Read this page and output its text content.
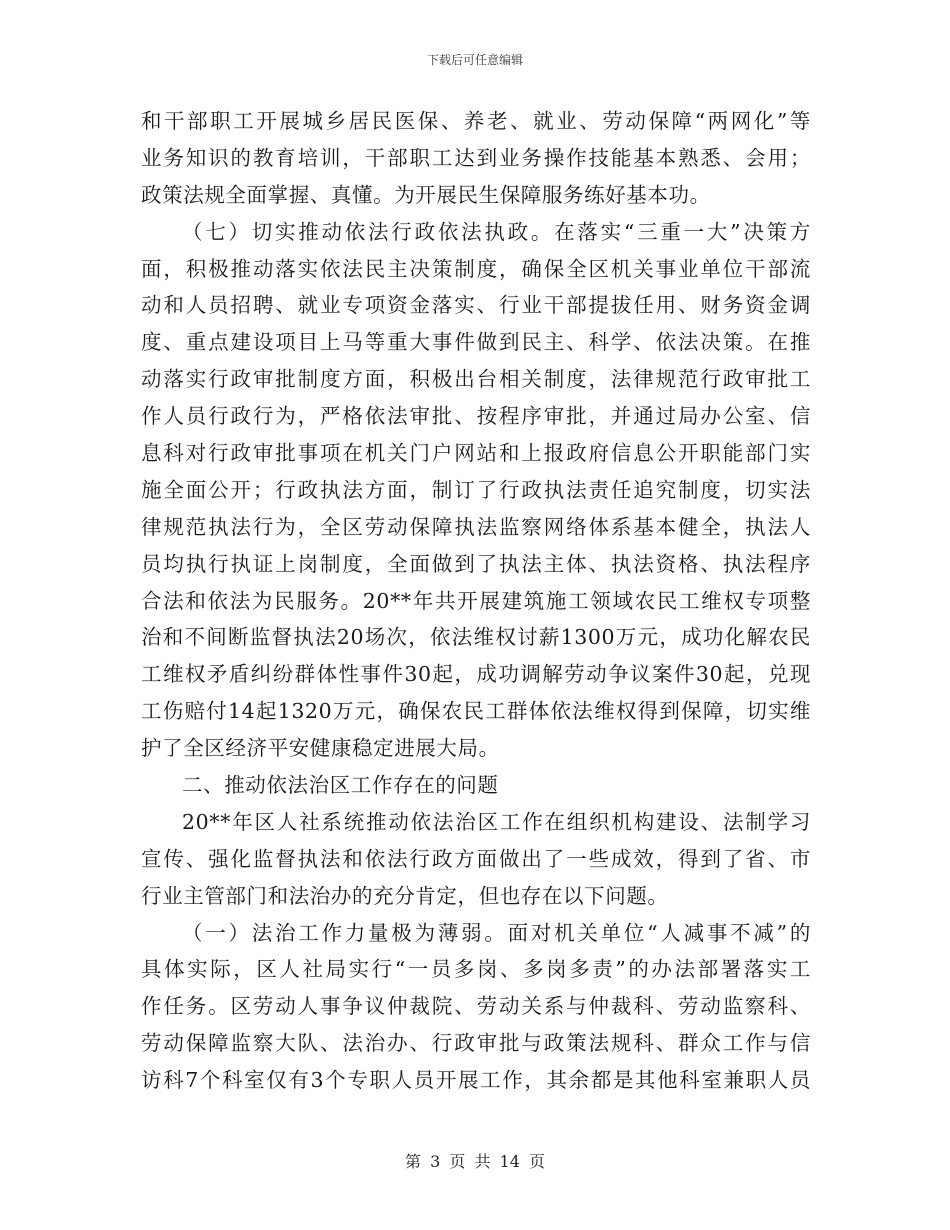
下载后可任意编辑
和干部职工开展城乡居民医保、养老、就业、劳动保障“两网化”等
业务知识的教育培训，干部职工达到业务操作技能基本熟悉、会用；
政策法规全面掌握、真懂。为开展民生保障服务练好基本功。
（七）切实推动依法行政依法执政。在落实“三重一大”决策方
面，积极推动落实依法民主决策制度，确保全区机关事业单位干部流
动和人员招聘、就业专项资金落实、行业干部提拔任用、财务资金调
度、重点建设项目上马等重大事件做到民主、科学、依法决策。在推
动落实行政审批制度方面，积极出台相关制度，法律规范行政审批工
作人员行政行为，严格依法审批、按程序审批，并通过局办公室、信
息科对行政审批事项在机关门户网站和上报政府信息公开职能部门实
施全面公开；行政执法方面，制订了行政执法责任追究制度，切实法
律规范执法行为，全区劳动保障执法监察网络体系基本健全，执法人
员均执行执证上岗制度，全面做到了执法主体、执法资格、执法程序
合法和依法为民服务。20**年共开展建筑施工领域农民工维权专项整
治和不间断监督执法20场次，依法维权讨薪1300万元，成功化解农民
工维权矛盾纠纷群体性事件30起，成功调解劳动争议案件30起，兑现
工伤赔付14起1320万元，确保农民工群体依法维权得到保障，切实维
护了全区经济平安健康稳定进展大局。
二、推动依法治区工作存在的问题
20**年区人社系统推动依法治区工作在组织机构建设、法制学习
宣传、强化监督执法和依法行政方面做出了一些成效，得到了省、市
行业主管部门和法治办的充分肯定，但也存在以下问题。
（一）法治工作力量极为薄弱。面对机关单位“人减事不减”的
具体实际，区人社局实行“一员多岗、多岗多责”的办法部署落实工
作任务。区劳动人事争议仲裁院、劳动关系与仲裁科、劳动监察科、
劳动保障监察大队、法治办、行政审批与政策法规科、群众工作与信
访科7个科室仅有3个专职人员开展工作，其余都是其他科室兼职人员
第 3 页 共 14 页
